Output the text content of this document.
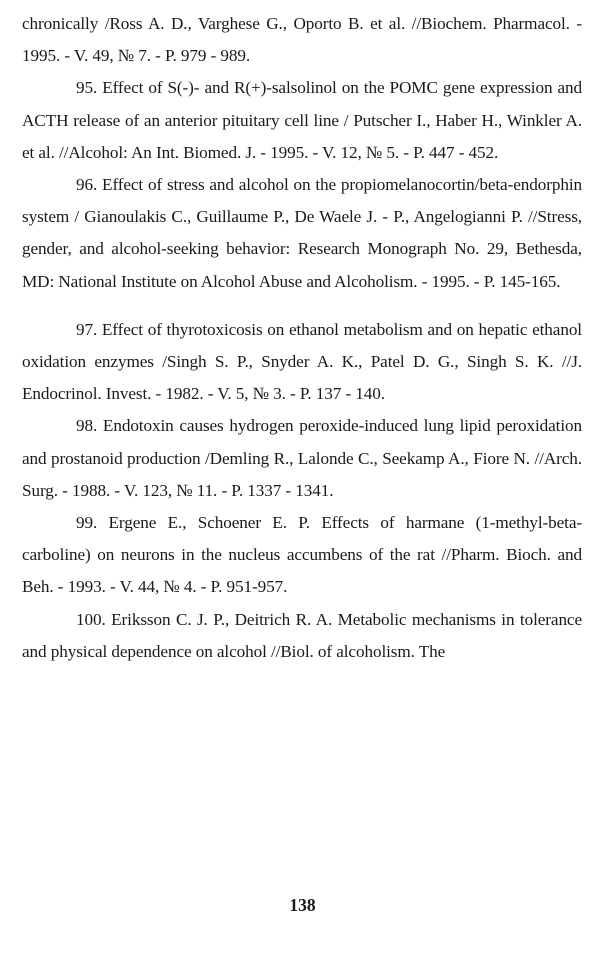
chronically /Ross A. D., Varghese G., Oporto B. et al. //Biochem. Pharmacol. - 1995. - V. 49, № 7. - P. 979 - 989.

95. Effect of S(-)- and R(+)-salsolinol on the POMC gene expression and ACTH release of an anterior pituitary cell line / Putscher I., Haber H., Winkler A. et al. //Alcohol: An Int. Biomed. J. - 1995. - V. 12, № 5. - P. 447 - 452.

96. Effect of stress and alcohol on the propiomelanocortin/beta-endorphin system / Gianoulakis C., Guillaume P., De Waele J. - P., Angelogianni P. //Stress, gender, and alcohol-seeking behavior: Research Monograph No. 29, Bethesda, MD: National Institute on Alcohol Abuse and Alcoholism. - 1995. - P. 145-165.

97. Effect of thyrotoxicosis on ethanol metabolism and on hepatic ethanol oxidation enzymes /Singh S. P., Snyder A. K., Patel D. G., Singh S. K. //J. Endocrinol. Invest. - 1982. - V. 5, № 3. - P. 137 - 140.

98. Endotoxin causes hydrogen peroxide-induced lung lipid peroxidation and prostanoid production /Demling R., Lalonde C., Seekamp A., Fiore N. //Arch. Surg. - 1988. - V. 123, № 11. - P. 1337 - 1341.

99. Ergene E., Schoener E. P. Effects of harmane (1-methyl-beta-carboline) on neurons in the nucleus accumbens of the rat //Pharm. Bioch. and Beh. - 1993. - V. 44, № 4. - P. 951-957.

100. Eriksson C. J. P., Deitrich R. A. Metabolic mechanisms in tolerance and physical dependence on alcohol //Biol. of alcoholism. The

138
